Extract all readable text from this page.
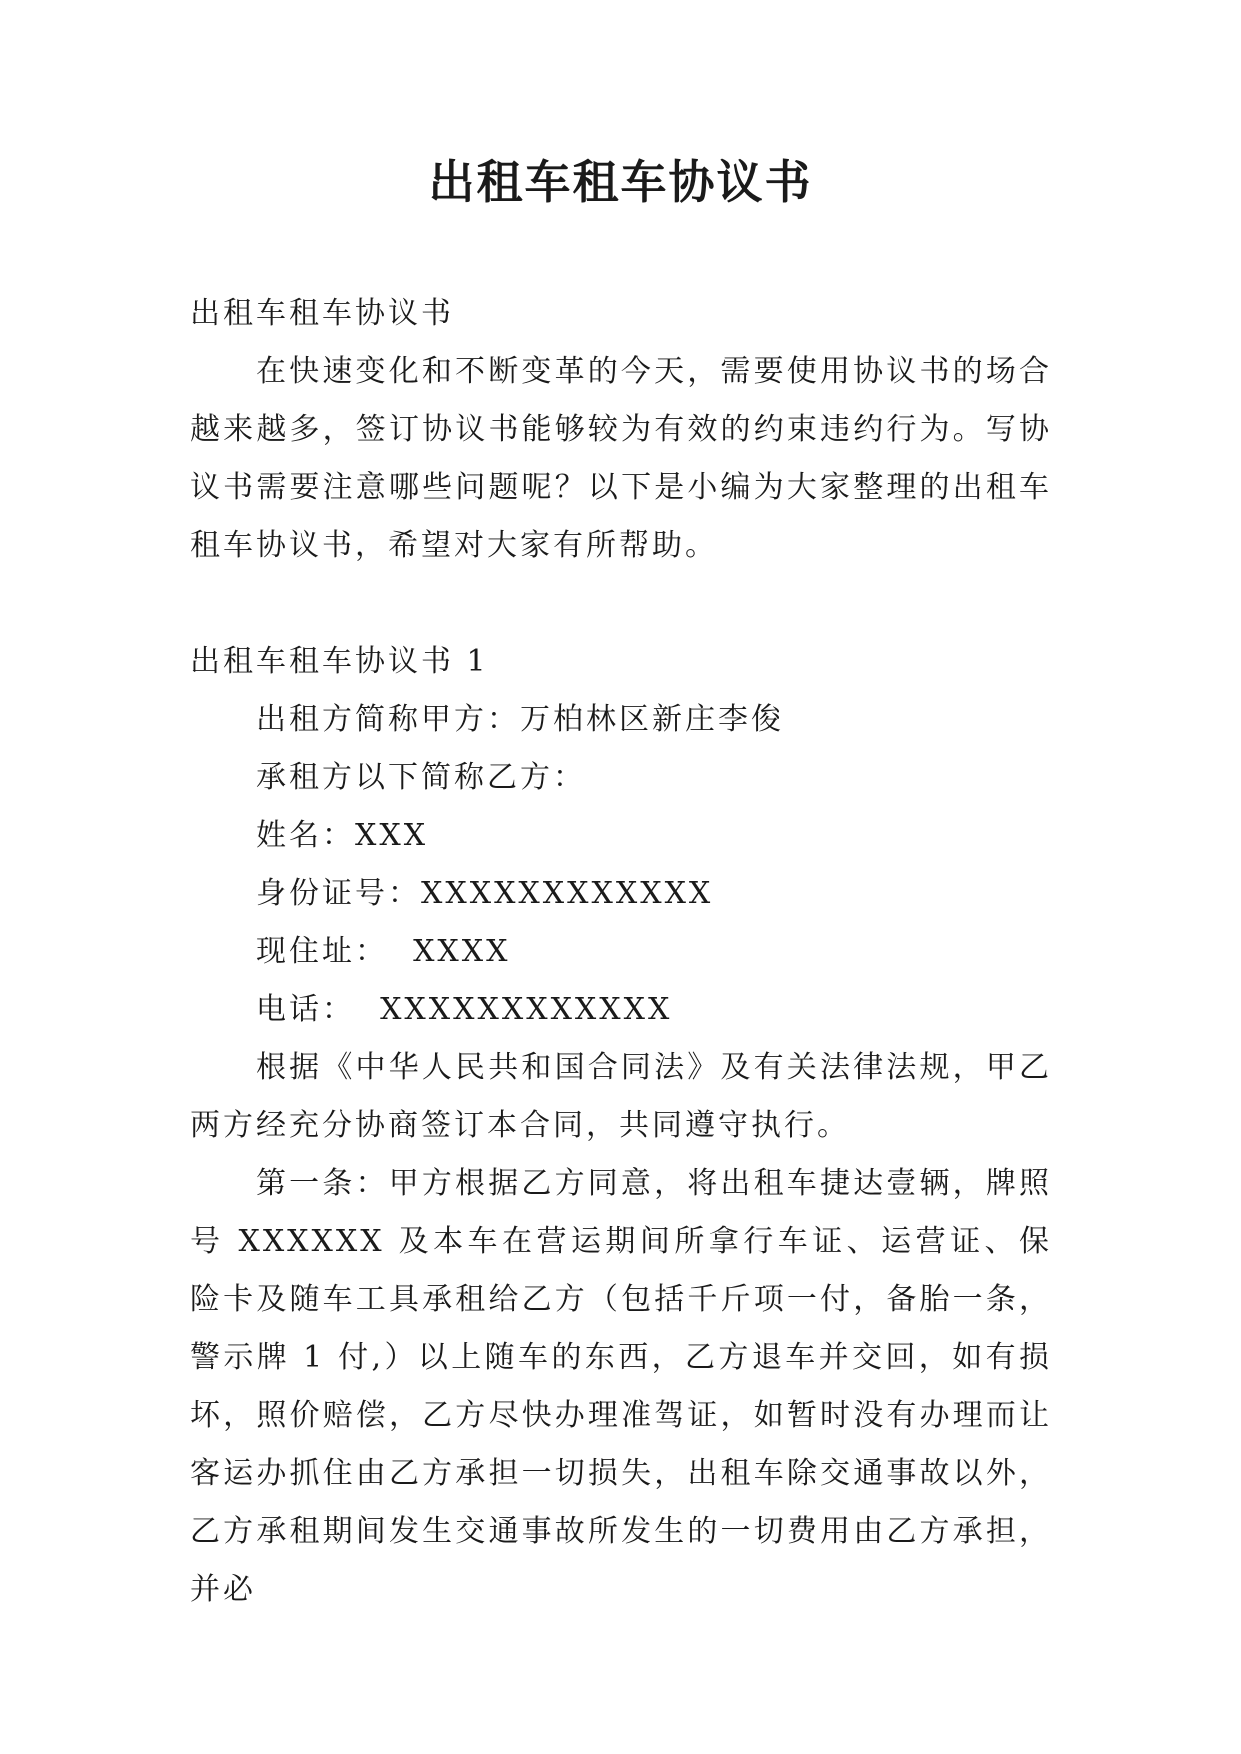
出租车租车协议书

出租车租车协议书

在快速变化和不断变革的今天，需要使用协议书的场合越来越多，签订协议书能够较为有效的约束违约行为。写协议书需要注意哪些问题呢？以下是小编为大家整理的出租车租车协议书，希望对大家有所帮助。

出租车租车协议书 1

出租方简称甲方：万柏林区新庄李俊

承租方以下简称乙方：

姓名：XXX

身份证号：XXXXXXXXXXXX

现住址：  XXXX

电话：  XXXXXXXXXXXX

根据《中华人民共和国合同法》及有关法律法规，甲乙两方经充分协商签订本合同，共同遵守执行。

第一条：甲方根据乙方同意，将出租车捷达壹辆，牌照号 XXXXXX 及本车在营运期间所拿行车证、运营证、保险卡及随车工具承租给乙方（包括千斤项一付，备胎一条，警示牌 1 付,）以上随车的东西，乙方退车并交回，如有损坏，照价赔偿，乙方尽快办理准驾证，如暂时没有办理而让客运办抓住由乙方承担一切损失，出租车除交通事故以外，乙方承租期间发生交通事故所发生的一切费用由乙方承担，并必
